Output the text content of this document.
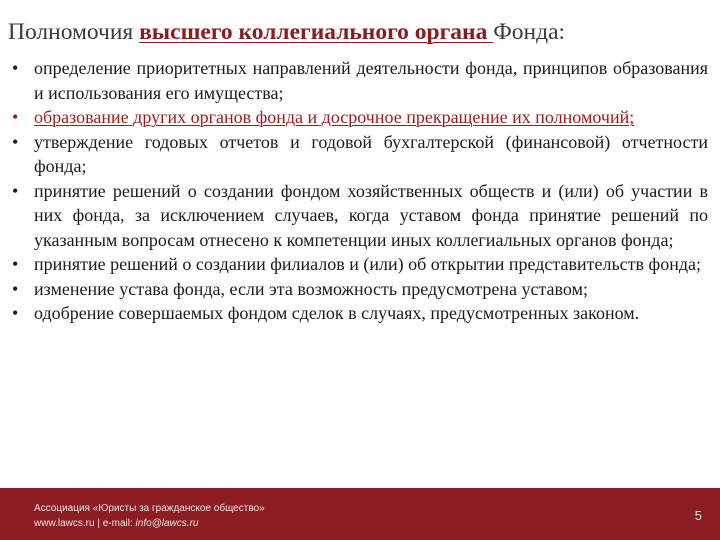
Полномочия высшего коллегиального органа Фонда:
• определение приоритетных направлений деятельности фонда, принципов образования и использования его имущества;
• образование других органов фонда и досрочное прекращение их полномочий;
• утверждение годовых отчетов и годовой бухгалтерской (финансовой) отчетности фонда;
• принятие решений о создании фондом хозяйственных обществ и (или) об участии в них фонда, за исключением случаев, когда уставом фонда принятие решений по указанным вопросам отнесено к компетенции иных коллегиальных органов фонда;
• принятие решений о создании филиалов и (или) об открытии представительств фонда;
• изменение устава фонда, если эта возможность предусмотрена уставом;
• одобрение совершаемых фондом сделок в случаях, предусмотренных законом.
Ассоциация «Юристы за гражданское общество»
www.lawcs.ru | e-mail: info@lawcs.ru
5
